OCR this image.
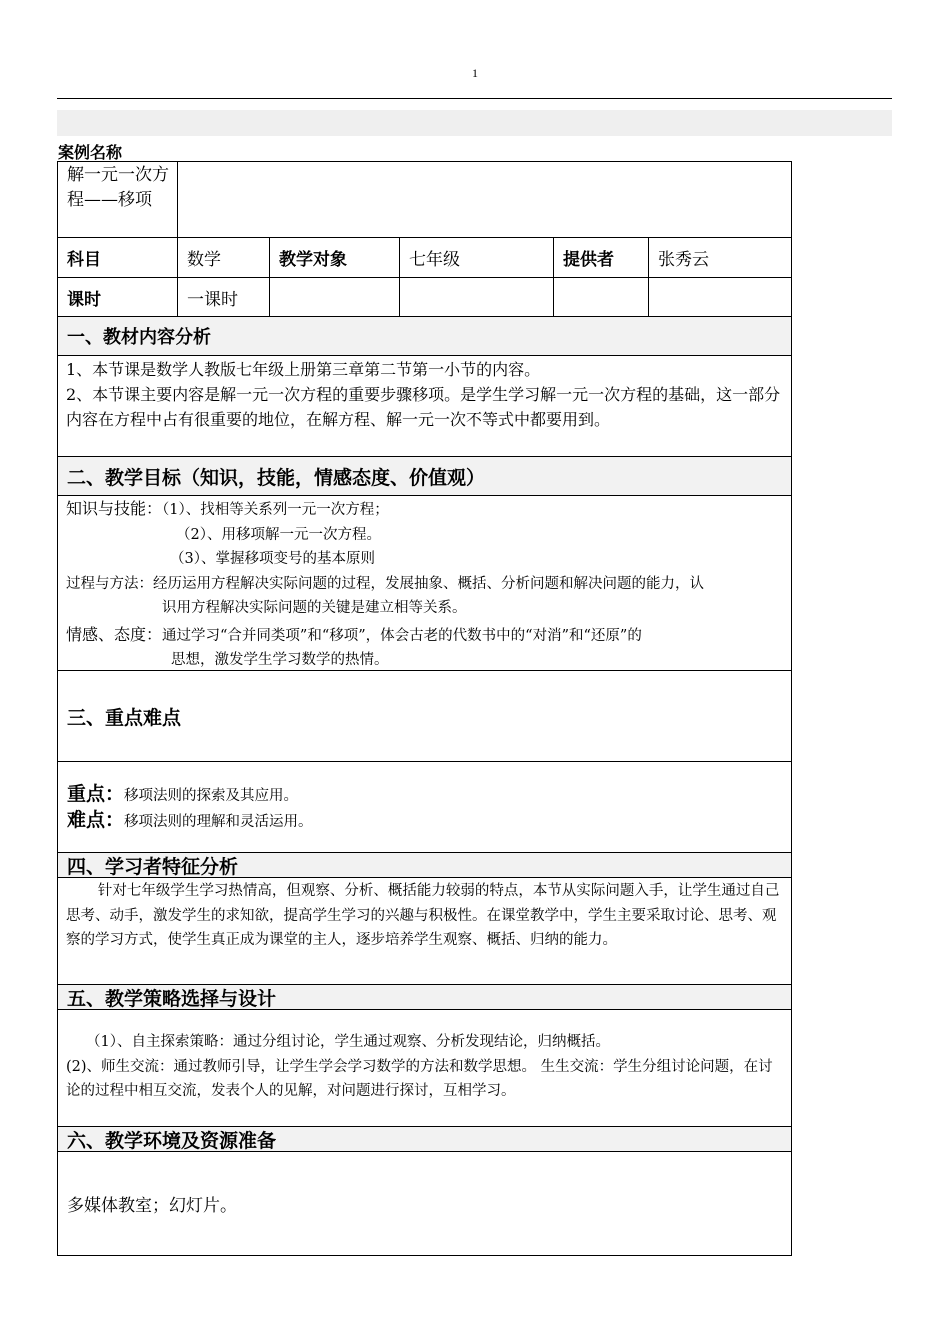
1
案例名称
解一元一次方程——移项
科目	数学	教学对象	七年级	提供者	张秀云
课时	一课时
一、教材内容分析
1、本节课是数学人教版七年级上册第三章第二节第一小节的内容。
2、本节课主要内容是解一元一次方程的重要步骤移项。是学生学习解一元一次方程的基础，这一部分内容在方程中占有很重要的地位，在解方程、解一元一次不等式中都要用到。
二、教学目标（知识，技能，情感态度、价值观）
知识与技能：（1）、找相等关系列一元一次方程；
（2）、用移项解一元一次方程。
（3）、掌握移项变号的基本原则
过程与方法：经历运用方程解决实际问题的过程，发展抽象、概括、分析问题和解决问题的能力，认
识用方程解决实际问题的关键是建立相等关系。
情感、态度：通过学习“合并同类项”和“移项”，体会古老的代数书中的“对消”和“还原”的
思想，激发学生学习数学的热情。
三、重点难点
重点：移项法则的探索及其应用。
难点：移项法则的理解和灵活运用。
四、学习者特征分析
针对七年级学生学习热情高，但观察、分析、概括能力较弱的特点，本节从实际问题入手，让学生通过自己思考、动手，激发学生的求知欲，提高学生学习的兴趣与积极性。在课堂教学中，学生主要采取讨论、思考、观察的学习方式，使学生真正成为课堂的主人，逐步培养学生观察、概括、归纳的能力。
五、教学策略选择与设计
（1）、自主探索策略：通过分组讨论，学生通过观察、分析发现结论，归纳概括。
(2)、师生交流：通过教师引导，让学生学会学习数学的方法和数学思想。 生生交流：学生分组讨论问题，在讨论的过程中相互交流，发表个人的见解，对问题进行探讨，互相学习。
六、教学环境及资源准备
多媒体教室；幻灯片。
